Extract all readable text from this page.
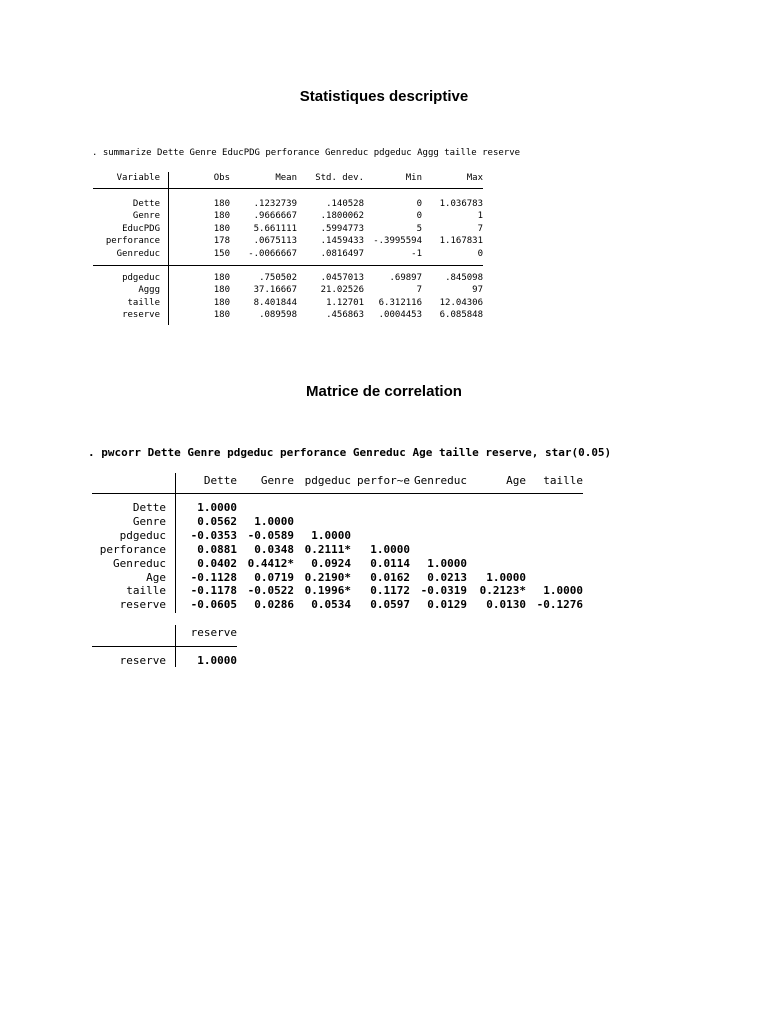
Statistiques descriptive
. summarize Dette Genre EducPDG perforance Genreduc pdgeduc Aggg taille reserve
Variable	Obs	Mean Std. dev.	Min	Max
Dette	180	.1232739	.140528	0 1.036783
Genre	180	.9666667	.1800062	0	1
EducPDG	180	5.661111	.5994773	5	7
perforance	178	.0675113	.1459433 -.3995594 1.167831
Genreduc	150 -.0066667	.0816497	-1	0
pdgeduc	180	.750502	.0457013	.69897	.845098
Aggg	180	37.16667	21.02526	7	97
taille	180	8.401844	1.12701 6.312116 12.04306
reserve	180	.089598	.456863 .0004453 6.085848
Matrice de correlation
. pwcorr Dette Genre pdgeduc perforance Genreduc Age taille reserve, star(0.05)
Dette Genre pdgeduc perfor~e Genreduc	Age taille
Dette	1.0000
Genre	0.0562 1.0000
pdgeduc -0.0353 -0.0589 1.0000
perforance	0.0881 0.0348 0.2111* 1.0000
Genreduc	0.0402 0.4412* 0.0924 0.0114 1.0000
Age -0.1128 0.0719 0.2190* 0.0162 0.0213 1.0000
taille -0.1178 -0.0522 0.1996* 0.1172 -0.0319 0.2123* 1.0000
reserve -0.0605 0.0286 0.0534 0.0597 0.0129 0.0130 -0.1276
reserve
reserve	1.0000
